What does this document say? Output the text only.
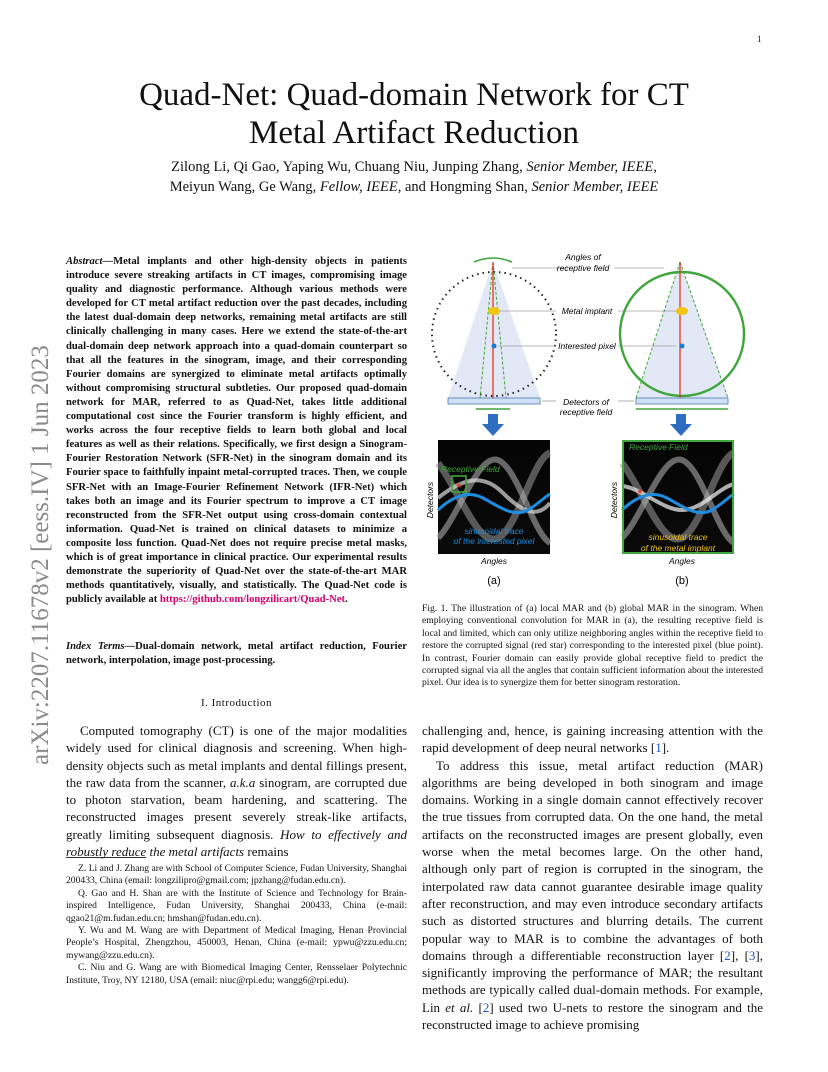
1
arXiv:2207.11678v2 [eess.IV] 1 Jun 2023
Quad-Net: Quad-domain Network for CT
Metal Artifact Reduction
Zilong Li, Qi Gao, Yaping Wu, Chuang Niu, Junping Zhang, Senior Member, IEEE,
Meiyun Wang, Ge Wang, Fellow, IEEE, and Hongming Shan, Senior Member, IEEE
Abstract—Metal implants and other high-density objects in patients introduce severe streaking artifacts in CT images, compromising image quality and diagnostic performance. Although various methods were developed for CT metal artifact reduction over the past decades, including the latest dual-domain deep networks, remaining metal artifacts are still clinically challenging in many cases. Here we extend the state-of-the-art dual-domain deep network approach into a quad-domain counterpart so that all the features in the sinogram, image, and their corresponding Fourier domains are synergized to eliminate metal artifacts optimally without compromising structural subtleties. Our proposed quad-domain network for MAR, referred to as Quad-Net, takes little additional computational cost since the Fourier transform is highly efficient, and works across the four receptive fields to learn both global and local features as well as their relations. Specifically, we first design a Sinogram-Fourier Restoration Network (SFR-Net) in the sinogram domain and its Fourier space to faithfully inpaint metal-corrupted traces. Then, we couple SFR-Net with an Image-Fourier Refinement Network (IFR-Net) which takes both an image and its Fourier spectrum to improve a CT image reconstructed from the SFR-Net output using cross-domain contextual information. Quad-Net is trained on clinical datasets to minimize a composite loss function. Quad-Net does not require precise metal masks, which is of great importance in clinical practice. Our experimental results demonstrate the superiority of Quad-Net over the state-of-the-art MAR methods quantitatively, visually, and statistically. The Quad-Net code is publicly available at https://github.com/longzilicart/Quad-Net.
Index Terms—Dual-domain network, metal artifact reduction, Fourier network, interpolation, image post-processing.
I. Introduction
Computed tomography (CT) is one of the major modalities widely used for clinical diagnosis and screening. When high-density objects such as metal implants and dental fillings present, the raw data from the scanner, a.k.a sinogram, are corrupted due to photon starvation, beam hardening, and scattering. The reconstructed images present severely streak-like artifacts, greatly limiting subsequent diagnosis. How to effectively and robustly reduce the metal artifacts remains

Z. Li and J. Zhang are with School of Computer Science, Fudan University, Shanghai 200433, China (email: longzilipro@gmail.com; jpzhang@fudan.edu.cn).

Q. Gao and H. Shan are with the Institute of Science and Technology for Brain-inspired Intelligence, Fudan University, Shanghai 200433, China (e-mail: qgao21@m.fudan.edu.cn; hmshan@fudan.edu.cn).

Y. Wu and M. Wang are with Department of Medical Imaging, Henan Provincial People’s Hospital, Zhengzhou, 450003, Henan, China (e-mail: ypwu@zzu.edu.cn; mywang@zzu.edu.cn).

C. Niu and G. Wang are with Biomedical Imaging Center, Rensselaer Polytechnic Institute, Troy, NY 12180, USA (email: niuc@rpi.edu; wangg6@rpi.edu).

Angles of
receptive field
Metal implant
Interested pixel
Detectors of
receptive field
★
Receptive Field
sinusoidal trace
of the interested pixel
Detectors
Angles
(a)
★
Receptive Field
sinusoidal trace
of the metal implant
Detectors
Angles
(b)
Fig. 1. The illustration of (a) local MAR and (b) global MAR in the sinogram. When employing conventional convolution for MAR in (a), the resulting receptive field is local and limited, which can only utilize neighboring angles within the receptive field to restore the corrupted signal (red star) corresponding to the interested pixel (blue point). In contrast, Fourier domain can easily provide global receptive field to predict the corrupted signal via all the angles that contain sufficient information about the interested pixel. Our idea is to synergize them for better sinogram restoration.

challenging and, hence, is gaining increasing attention with the rapid development of deep neural networks [1].

To address this issue, metal artifact reduction (MAR) algorithms are being developed in both sinogram and image domains. Working in a single domain cannot effectively recover the true tissues from corrupted data. On the one hand, the metal artifacts on the reconstructed images are present globally, even worse when the metal becomes large. On the other hand, although only part of region is corrupted in the sinogram, the interpolated raw data cannot guarantee desirable image quality after reconstruction, and may even introduce secondary artifacts such as distorted structures and blurring details. The current popular way to MAR is to combine the advantages of both domains through a differentiable reconstruction layer [2], [3], significantly improving the performance of MAR; the resultant methods are typically called dual-domain methods. For example, Lin et al. [2] used two U-nets to restore the sinogram and the reconstructed image to achieve promising
